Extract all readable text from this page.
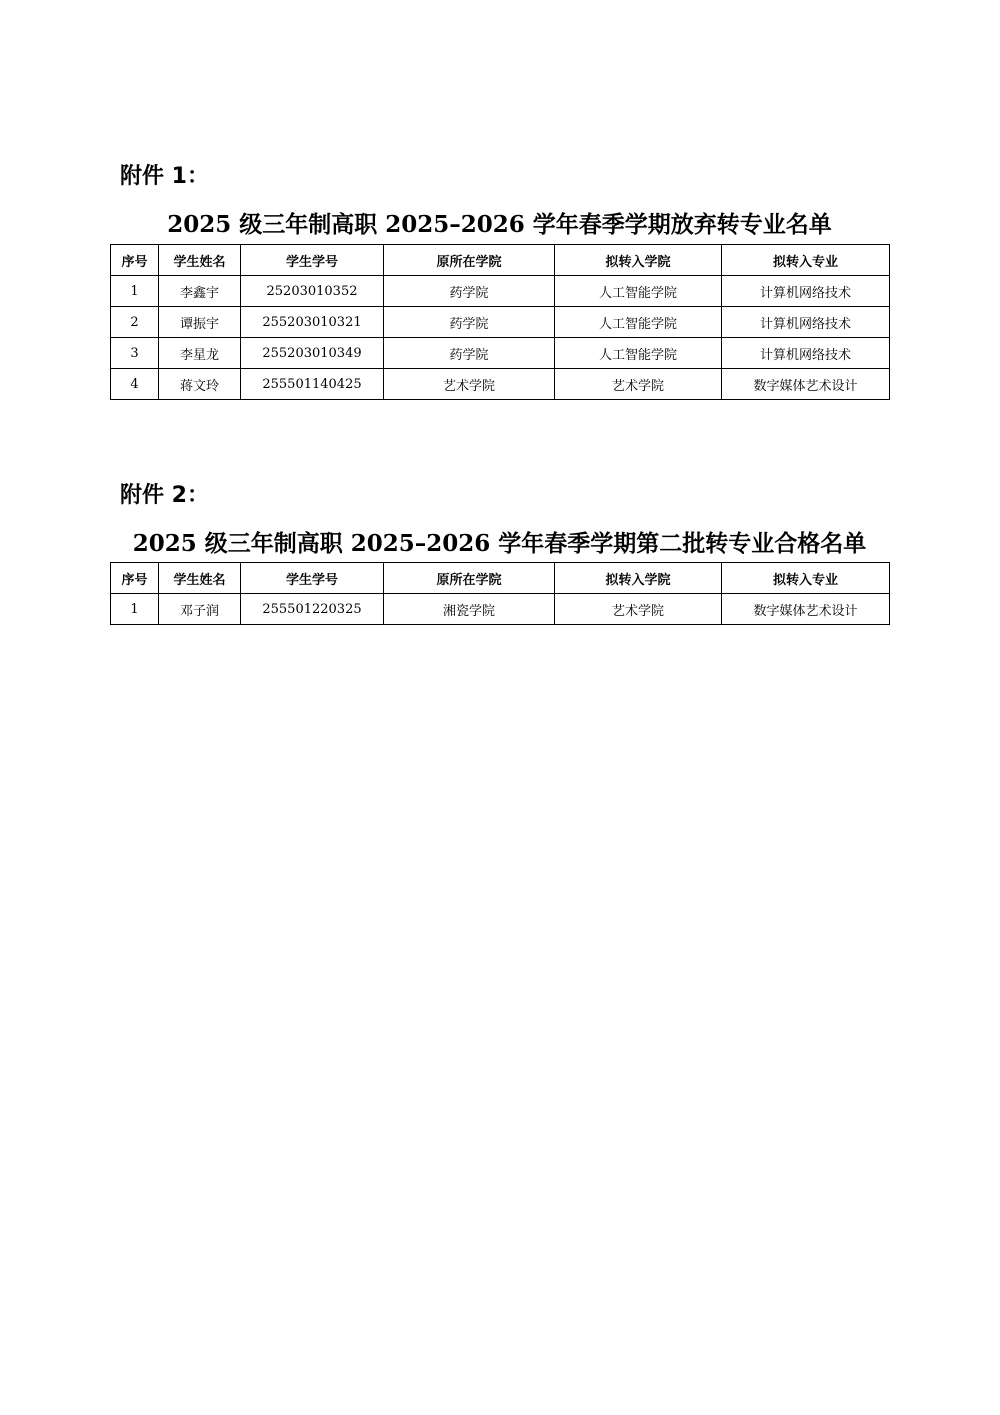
附件 1：
2025 级三年制高职 2025–2026 学年春季学期放弃转专业名单
序号	学生姓名	学生学号	原所在学院	拟转入学院	拟转入专业
1	李鑫宇	25203010352	药学院	人工智能学院	计算机网络技术
2	谭振宇	255203010321	药学院	人工智能学院	计算机网络技术
3	李星龙	255203010349	药学院	人工智能学院	计算机网络技术
4	蒋文玲	255501140425	艺术学院	艺术学院	数字媒体艺术设计
附件 2：
2025 级三年制高职 2025–2026 学年春季学期第二批转专业合格名单
序号	学生姓名	学生学号	原所在学院	拟转入学院	拟转入专业
1	邓子润	255501220325	湘瓷学院	艺术学院	数字媒体艺术设计
